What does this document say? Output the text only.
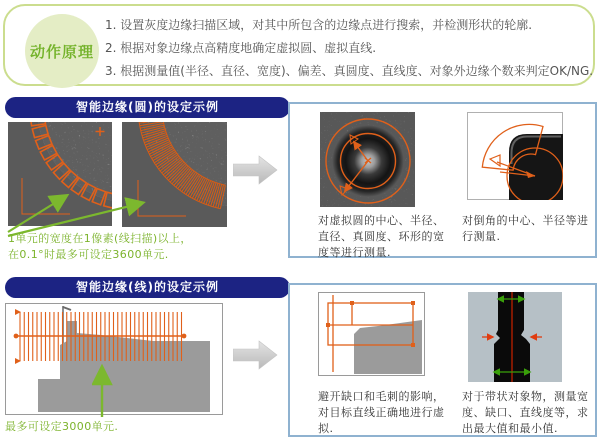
动作原理
1. 设置灰度边缘扫描区域，对其中所包含的边缘点进行搜索，并检测形状的轮廓.
2. 根据对象边缘点高精度地确定虚拟圆、虚拟直线.
3. 根据测量值(半径、直径、宽度)、偏差、真圆度、直线度、对象外边缘个数来判定OK/NG.
智能边缘(圆)的设定示例
1单元的宽度在1像素(线扫描)以上，
在0.1°时最多可设定3600单元.
对虚拟圆的中心、半径、直径、真圆度、环形的宽度等进行测量.
对倒角的中心、半径等进行测量.
智能边缘(线)的设定示例
最多可设定3000单元.
避开缺口和毛刺的影响，对目标直线正确地进行虚拟.
对于带状对象物，测量宽度、缺口、直线度等，求出最大值和最小值.
